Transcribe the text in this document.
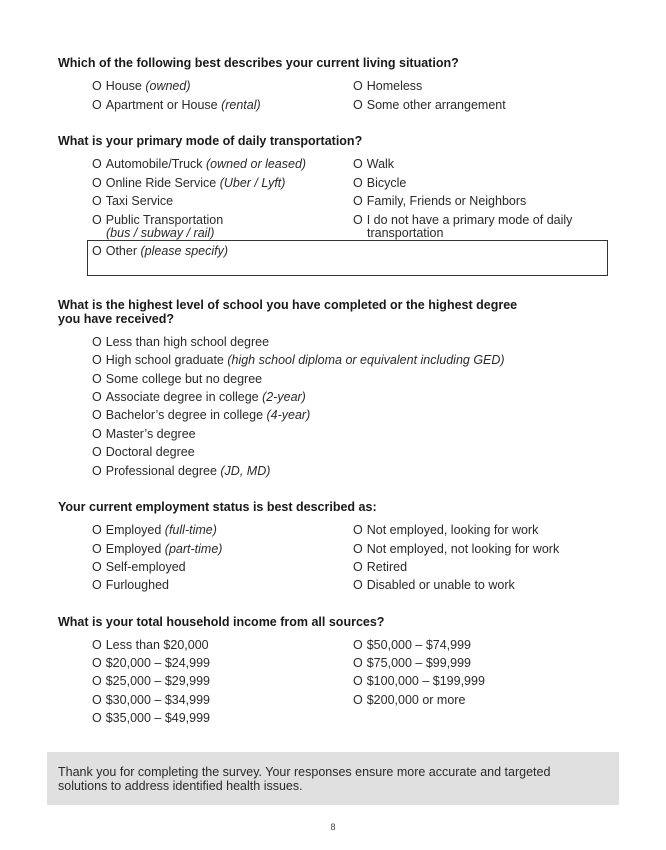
Which of the following best describes your current living situation?
O House (owned)
O Apartment or House (rental)
O Homeless
O Some other arrangement
What is your primary mode of daily transportation?
O Automobile/Truck (owned or leased)
O Online Ride Service (Uber / Lyft)
O Taxi Service
O Public Transportation
(bus / subway / rail)
O Walk
O Bicycle
O Family, Friends or Neighbors
O I do not have a primary mode of daily
transportation
O Other (please specify)
What is the highest level of school you have completed or the highest degree
you have received?
O Less than high school degree
O High school graduate (high school diploma or equivalent including GED)
O Some college but no degree
O Associate degree in college (2-year)
O Bachelor’s degree in college (4-year)
O Master’s degree
O Doctoral degree
O Professional degree (JD, MD)
Your current employment status is best described as:
O Employed (full-time)
O Employed (part-time)
O Self-employed
O Furloughed
O Not employed, looking for work
O Not employed, not looking for work
O Retired
O Disabled or unable to work
What is your total household income from all sources?
O Less than $20,000
O $20,000 – $24,999
O $25,000 – $29,999
O $30,000 – $34,999
O $35,000 – $49,999
O $50,000 – $74,999
O $75,000 – $99,999
O $100,000 – $199,999
O $200,000 or more
Thank you for completing the survey. Your responses ensure more accurate and targeted
solutions to address identified health issues.
8
